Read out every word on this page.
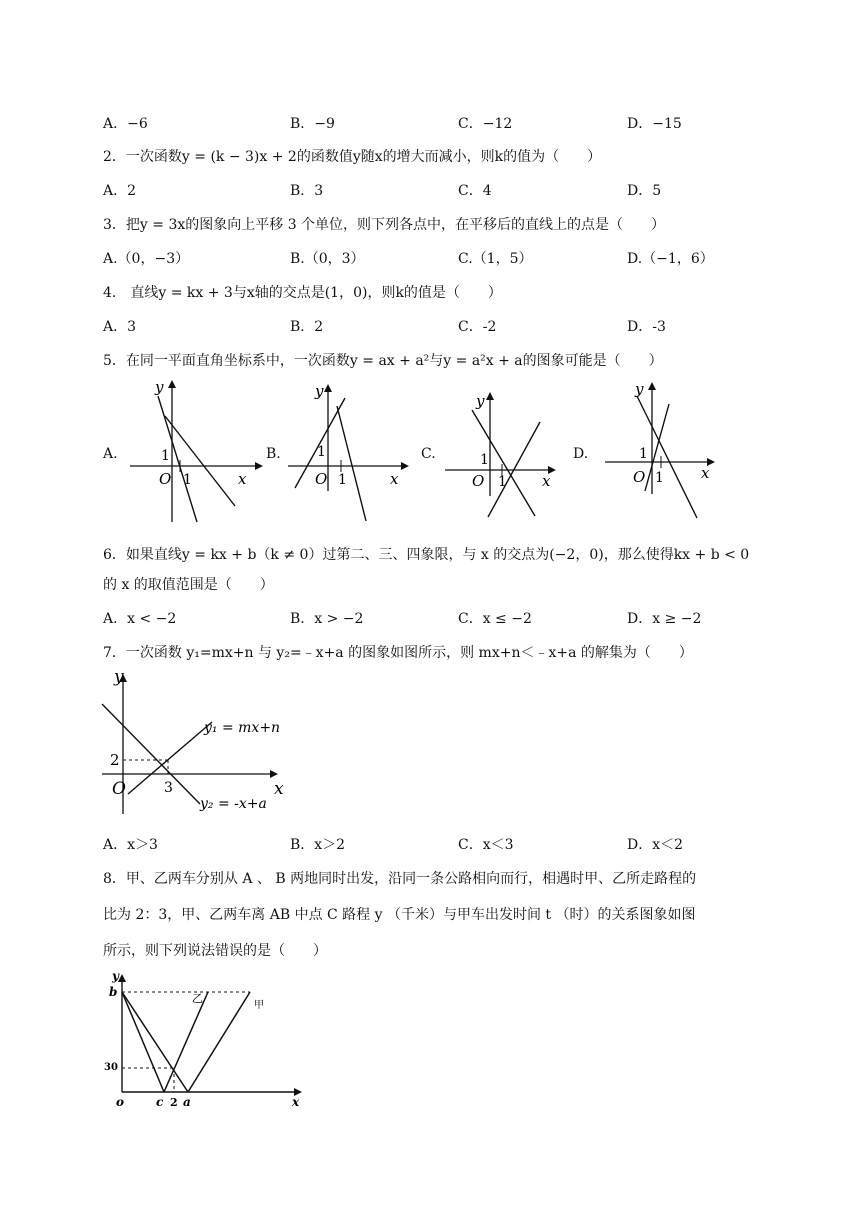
A．−6	B．−9	C．−12	D．−15
2．一次函数y = (k − 3)x + 2的函数值y随x的增大而减小，则k的值为（　　）
A．2	B．3	C．4	D．5
3．把y = 3x的图象向上平移 3 个单位，则下列各点中，在平移后的直线上的点是（　　）
A.（0，−3）	B.（0，3）	C.（1，5）	D.（−1，6）
4.　直线y = kx + 3与x轴的交点是(1，0)，则k的值是（　　）
A．3	B．2	C．-2	D．-3
5．在同一平面直角坐标系中，一次函数y = ax + a²与y = a²x + a的图象可能是（　　）
A.
y
x
O 1
1	B.
y
x
O 1
1	C.
y
x
O 1
1	D.
y
x
O 1
1
6．如果直线y = kx + b（k ≠ 0）过第二、三、四象限，与 x 的交点为(−2，0)，那么使得kx + b < 0
的 x 的取值范围是（　　）
A．x < −2	B．x > −2	C．x ≤ −2	D．x ≥ −2
7．一次函数 y₁=mx+n 与 y₂=﹣x+a 的图象如图所示，则 mx+n＜﹣x+a 的解集为（　　）
y
x
O
2
3
y₁ = mx+n
y₂ = -x+a
A．x＞3	B．x＞2	C．x＜3	D．x＜2
8．甲、乙两车分别从 A 、 B 两地同时出发，沿同一条公路相向而行，相遇时甲、乙所走路程的
比为 2：3，甲、乙两车离 AB 中点 C 路程 y （千米）与甲车出发时间 t （时）的关系图象如图
所示，则下列说法错误的是（　　）
y
x
o
b
30
c 2 a
乙
甲
